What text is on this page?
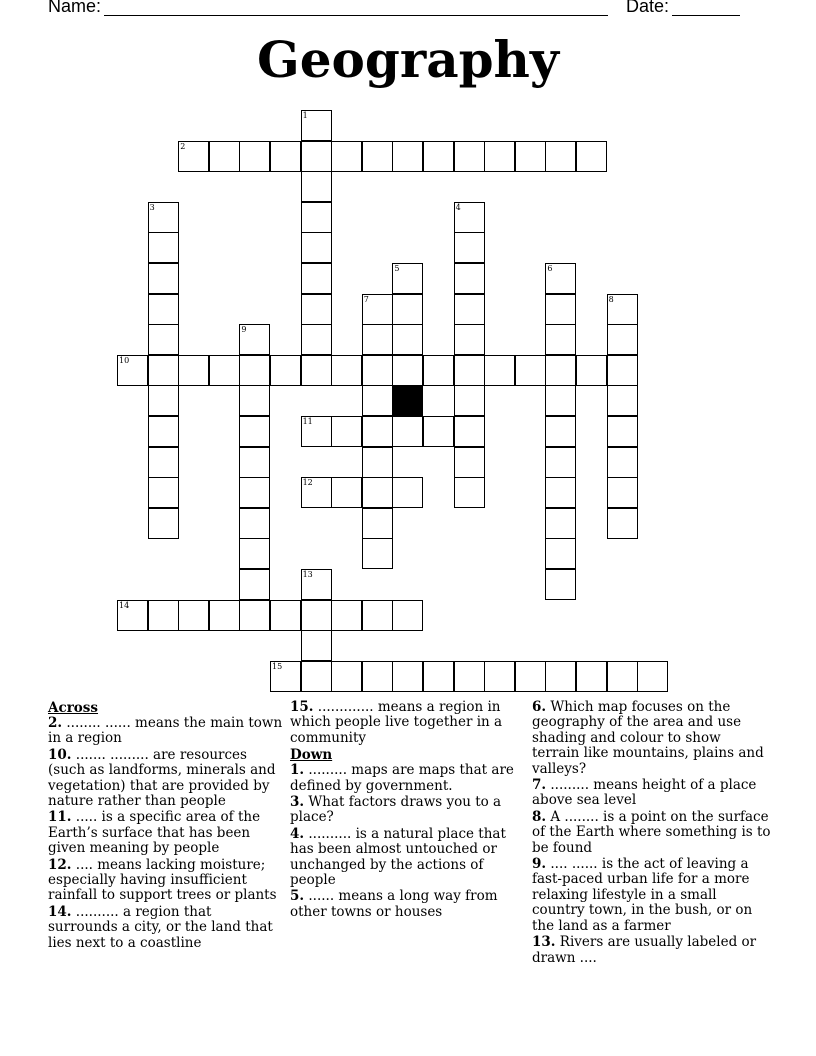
Name:	Date:
Geography
1
2
3	4
5	6
7	8
9
10
11
12
13
14
15
Across
2. ........ ...... means the main town in a region
10. ....... ......... are resources (such as landforms, minerals and vegetation) that are provided by nature rather than people
11. ..... is a specific area of the Earth’s surface that has been given meaning by people
12. .... means lacking moisture; especially having insufficient rainfall to support trees or plants
14. .......... a region that surrounds a city, or the land that lies next to a coastline
15. ............. means a region in which people live together in a community
Down
1. ......... maps are maps that are defined by government.
3. What factors draws you to a place?
4. .......... is a natural place that has been almost untouched or unchanged by the actions of people
5. ...... means a long way from other towns or houses
6. Which map focuses on the geography of the area and use shading and colour to show terrain like mountains, plains and valleys?
7. ......... means height of a place above sea level
8. A ........ is a point on the surface of the Earth where something is to be found
9. .... ...... is the act of leaving a fast-paced urban life for a more relaxing lifestyle in a small country town, in the bush, or on the land as a farmer
13. Rivers are usually labeled or drawn ....
